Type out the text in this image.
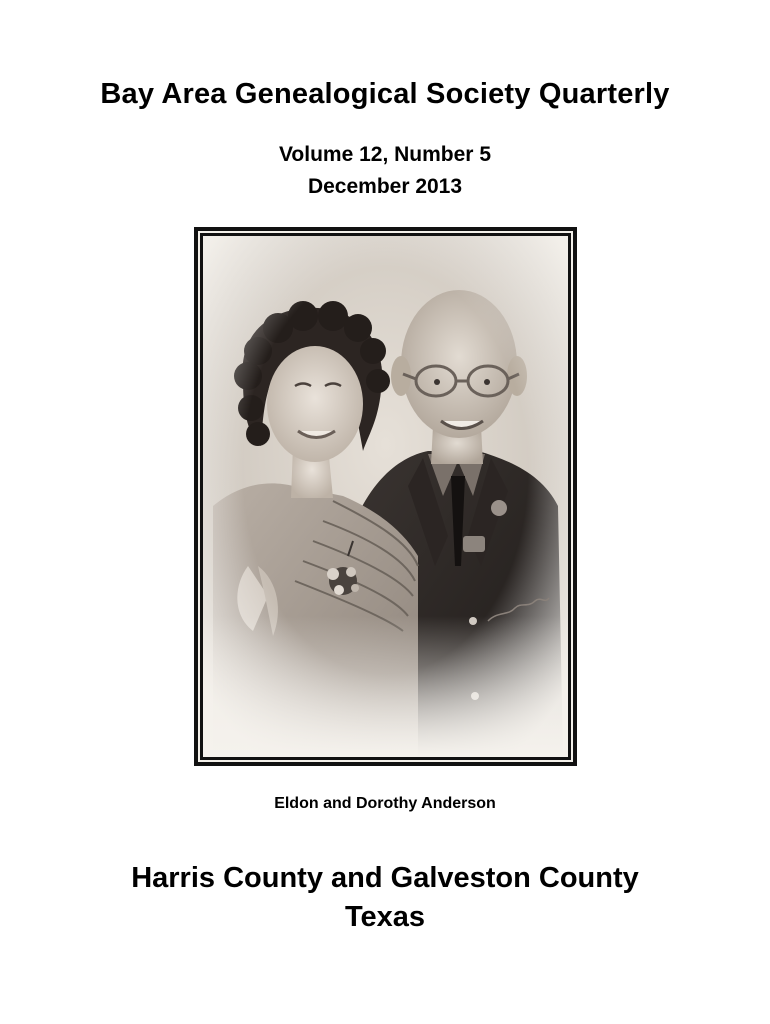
Bay Area Genealogical Society Quarterly
Volume 12, Number 5
December 2013
Eldon and Dorothy Anderson
Harris County and Galveston County
Texas
